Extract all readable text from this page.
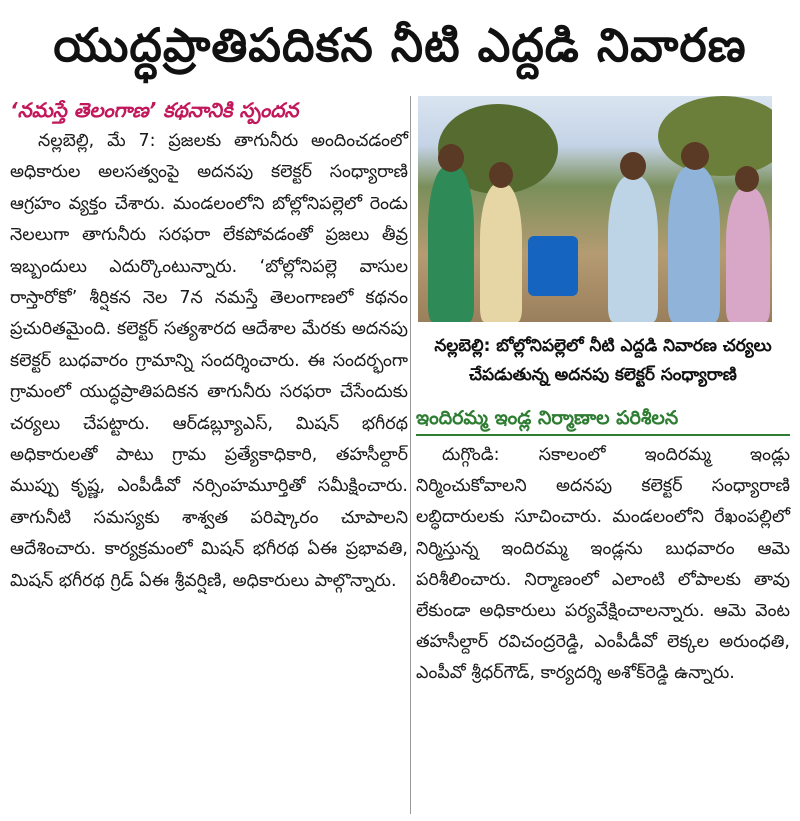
యుద్ధప్రాతిపదికన నీటి ఎద్దడి నివారణ
‘నమస్తే తెలంగాణ’ కథనానికి స్పందన

నల్లబెల్లి, మే 7: ప్రజలకు తాగునీరు అందించడంలో అధికారుల అలసత్వంపై అదనపు కలెక్టర్ సంధ్యారాణి ఆగ్రహం వ్యక్తం చేశారు. మండలంలోని బోల్లోనిపల్లెలో రెండు నెలలుగా తాగునీరు సరఫరా లేకపోవడంతో ప్రజలు తీవ్ర ఇబ్బందులు ఎదుర్కొంటున్నారు. ‘బోల్లోనిపల్లె వాసుల రాస్తారోకో’ శీర్షికన నెల 7న నమస్తే తెలంగాణలో కథనం ప్రచురితమైంది. కలెక్టర్ సత్యశారద ఆదేశాల మేరకు అదనపు కలెక్టర్ బుధవారం గ్రామాన్ని సందర్శించారు. ఈ సందర్భంగా గ్రామంలో యుద్ధప్రాతిపదికన తాగునీరు సరఫరా చేసేందుకు చర్యలు చేపట్టారు. ఆర్‌డబ్ల్యూఎస్, మిషన్ భగీరథ అధికారులతో పాటు గ్రామ ప్రత్యేకాధికారి, తహసీల్దార్ ముప్పు కృష్ణ, ఎంపీడీవో నర్సింహమూర్తితో సమీక్షించారు. తాగునీటి సమస్యకు శాశ్వత పరిష్కారం చూపాలని ఆదేశించారు. కార్యక్రమంలో మిషన్ భగీరథ ఏఈ ప్రభావతి, మిషన్ భగీరథ గ్రిడ్ ఏఈ శ్రీవర్షిణి, అధికారులు పాల్గొన్నారు.

నల్లబెల్లి: బోల్లోనిపల్లెలో నీటి ఎద్దడి నివారణ చర్యలు చేపడుతున్న అదనపు కలెక్టర్ సంధ్యారాణి
ఇందిరమ్మ ఇండ్ల నిర్మాణాల పరిశీలన

దుగ్గొండి: సకాలంలో ఇందిరమ్మ ఇండ్లు నిర్మించుకోవాలని అదనపు కలెక్టర్ సంధ్యారాణి లబ్ధిదారులకు సూచించారు. మండలంలోని రేఖంపల్లిలో నిర్మిస్తున్న ఇందిరమ్మ ఇండ్లను బుధవారం ఆమె పరిశీలించారు. నిర్మాణంలో ఎలాంటి లోపాలకు తావు లేకుండా అధికారులు పర్యవేక్షించాలన్నారు. ఆమె వెంట తహసీల్దార్ రవిచంద్రరెడ్డి, ఎంపీడీవో లెక్కల అరుంధతి, ఎంపీవో శ్రీధర్‌గౌడ్, కార్యదర్శి అశోక్‌రెడ్డి ఉన్నారు.
